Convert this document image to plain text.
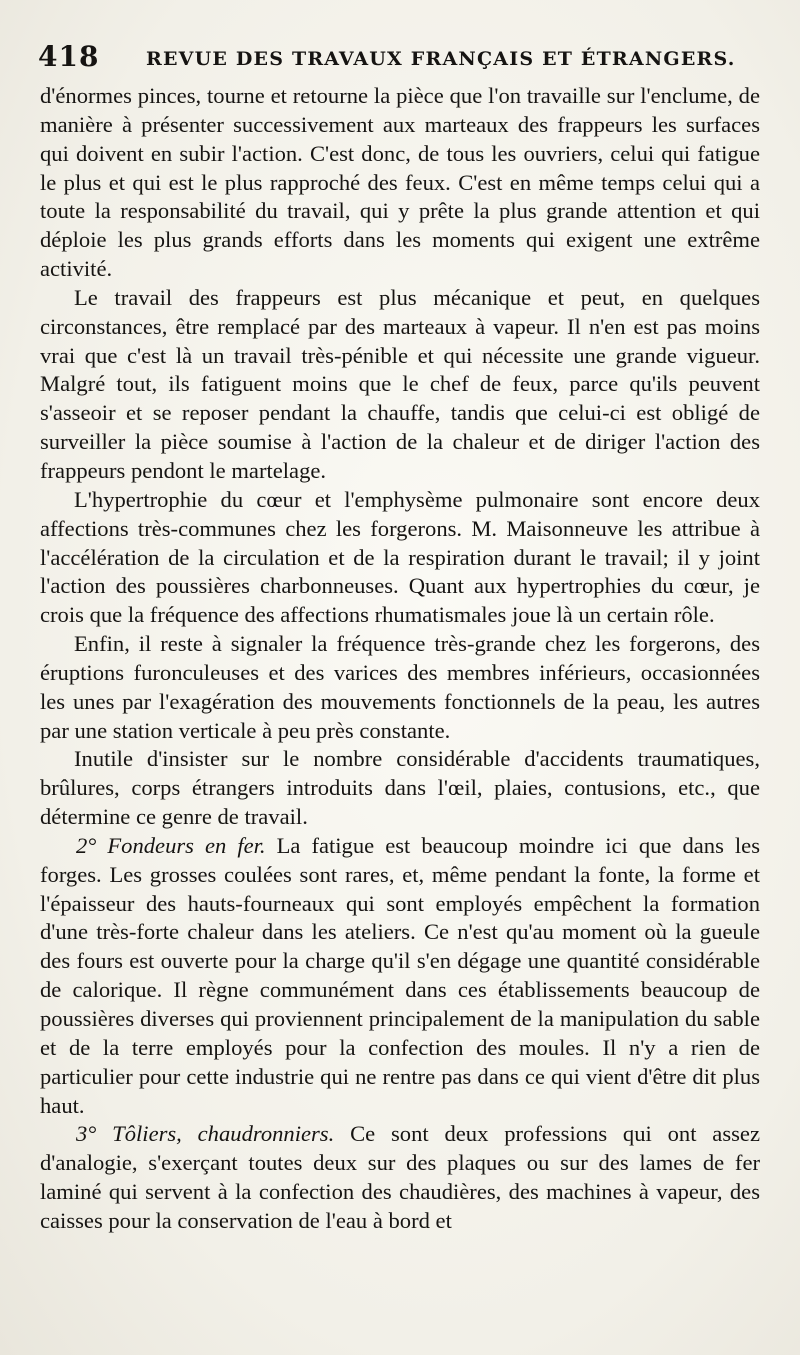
418 REVUE DES TRAVAUX FRANÇAIS ET ÉTRANGERS.

d'énormes pinces, tourne et retourne la pièce que l'on travaille sur l'enclume, de manière à présenter successivement aux marteaux des frappeurs les surfaces qui doivent en subir l'action. C'est donc, de tous les ouvriers, celui qui fatigue le plus et qui est le plus rapproché des feux. C'est en même temps celui qui a toute la responsabilité du travail, qui y prête la plus grande attention et qui déploie les plus grands efforts dans les moments qui exigent une extrême activité.

Le travail des frappeurs est plus mécanique et peut, en quelques circonstances, être remplacé par des marteaux à vapeur. Il n'en est pas moins vrai que c'est là un travail très-pénible et qui nécessite une grande vigueur. Malgré tout, ils fatiguent moins que le chef de feux, parce qu'ils peuvent s'asseoir et se reposer pendant la chauffe, tandis que celui-ci est obligé de surveiller la pièce soumise à l'action de la chaleur et de diriger l'action des frappeurs pendont le martelage.

L'hypertrophie du cœur et l'emphysème pulmonaire sont encore deux affections très-communes chez les forgerons. M. Maisonneuve les attribue à l'accélération de la circulation et de la respiration durant le travail; il y joint l'action des poussières charbonneuses. Quant aux hypertrophies du cœur, je crois que la fréquence des affections rhumatismales joue là un certain rôle.

Enfin, il reste à signaler la fréquence très-grande chez les forgerons, des éruptions furonculeuses et des varices des membres inférieurs, occasionnées les unes par l'exagération des mouvements fonctionnels de la peau, les autres par une station verticale à peu près constante.

Inutile d'insister sur le nombre considérable d'accidents traumatiques, brûlures, corps étrangers introduits dans l'œil, plaies, contusions, etc., que détermine ce genre de travail.

2° Fondeurs en fer. La fatigue est beaucoup moindre ici que dans les forges. Les grosses coulées sont rares, et, même pendant la fonte, la forme et l'épaisseur des hauts-fourneaux qui sont employés empêchent la formation d'une très-forte chaleur dans les ateliers. Ce n'est qu'au moment où la gueule des fours est ouverte pour la charge qu'il s'en dégage une quantité considérable de calorique. Il règne communément dans ces établissements beaucoup de poussières diverses qui proviennent principalement de la manipulation du sable et de la terre employés pour la confection des moules. Il n'y a rien de particulier pour cette industrie qui ne rentre pas dans ce qui vient d'être dit plus haut.

3° Tôliers, chaudronniers. Ce sont deux professions qui ont assez d'analogie, s'exerçant toutes deux sur des plaques ou sur des lames de fer laminé qui servent à la confection des chaudières, des machines à vapeur, des caisses pour la conservation de l'eau à bord et
